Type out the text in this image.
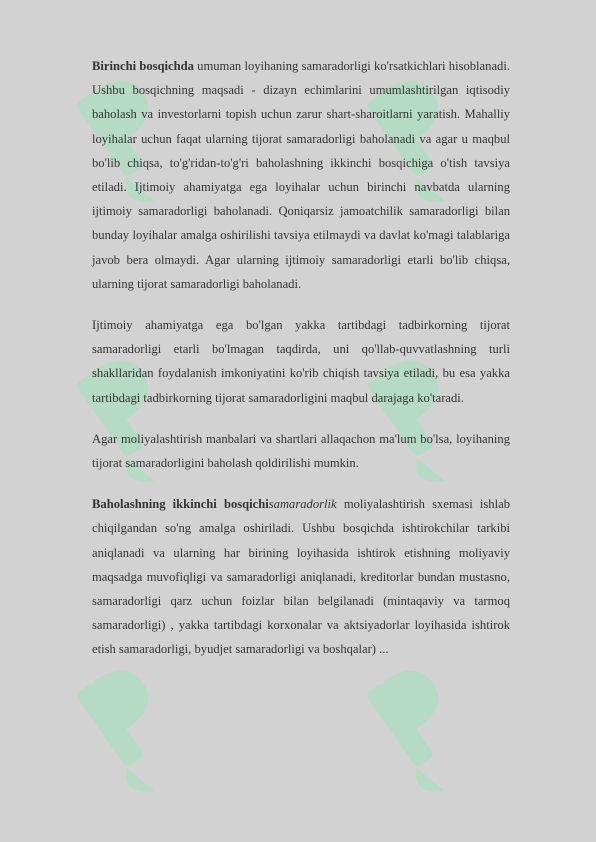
Birinchi bosqichda umuman loyihaning samaradorligi ko'rsatkichlari hisoblanadi. Ushbu bosqichning maqsadi - dizayn echimlarini umumlashtirilgan iqtisodiy baholash va investorlarni topish uchun zarur shart-sharoitlarni yaratish. Mahalliy loyihalar uchun faqat ularning tijorat samaradorligi baholanadi va agar u maqbul bo'lib chiqsa, to'g'ridan-to'g'ri baholashning ikkinchi bosqichiga o'tish tavsiya etiladi. Ijtimoiy ahamiyatga ega loyihalar uchun birinchi navbatda ularning ijtimoiy samaradorligi baholanadi. Qoniqarsiz jamoatchilik samaradorligi bilan bunday loyihalar amalga oshirilishi tavsiya etilmaydi va davlat ko'magi talablariga javob bera olmaydi. Agar ularning ijtimoiy samaradorligi etarli bo'lib chiqsa, ularning tijorat samaradorligi baholanadi.

Ijtimoiy ahamiyatga ega bo'lgan yakka tartibdagi tadbirkorning tijorat samaradorligi etarli bo'lmagan taqdirda, uni qo'llab-quvvatlashning turli shakllaridan foydalanish imkoniyatini ko'rib chiqish tavsiya etiladi, bu esa yakka tartibdagi tadbirkorning tijorat samaradorligini maqbul darajaga ko'taradi.

Agar moliyalashtirish manbalari va shartlari allaqachon ma'lum bo'lsa, loyihaning tijorat samaradorligini baholash qoldirilishi mumkin.

Baholashning ikkinchi bosqichisamaradorlik moliyalashtirish sxemasi ishlab chiqilgandan so'ng amalga oshiriladi. Ushbu bosqichda ishtirokchilar tarkibi aniqlanadi va ularning har birining loyihasida ishtirok etishning moliyaviy maqsadga muvofiqligi va samaradorligi aniqlanadi, kreditorlar bundan mustasno, samaradorligi qarz uchun foizlar bilan belgilanadi (mintaqaviy va tarmoq samaradorligi) , yakka tartibdagi korxonalar va aktsiyadorlar loyihasida ishtirok etish samaradorligi, byudjet samaradorligi va boshqalar) ...
